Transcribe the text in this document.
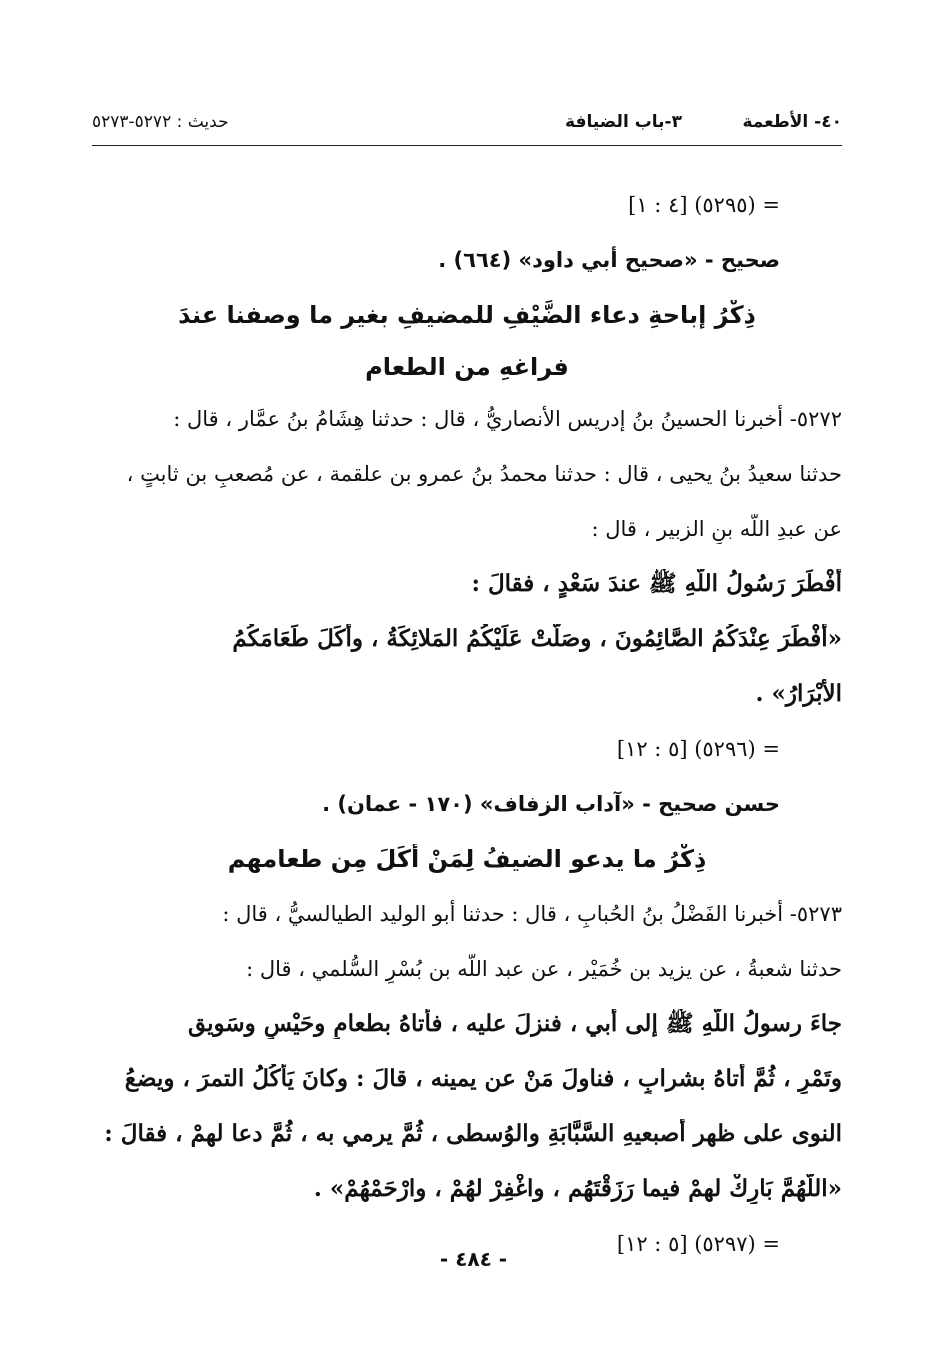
٤٠- الأطعمة
٣-باب الضيافة
حديث : ٥٢٧٢-٥٢٧٣
= (٥٢٩٥) [٤ : ١]
صحيح - «صحيح أبي داود» (٦٦٤) .
ذِكْرُ إباحةِ دعاء الضَّيْفِ للمضيفِ بغيرِ ما وصفنا عندَ
فراغهِ من الطعام
٥٢٧٢- أخبرنا الحسينُ بنُ إدريس الأنصاريُّ ، قال : حدثنا هِشَامُ بنُ عمَّار ، قال :
حدثنا سعيدُ بنُ يحيى ، قال : حدثنا محمدُ بنُ عمرو بن علقمة ، عن مُصعبِ بن ثابتٍ ،
عن عبدِ اللَّه بنِ الزبير ، قال :
أَفْطَرَ رَسُولُ اللَّهِ ﷺ عندَ سَعْدٍ ، فقالَ :
«أَفْطَرَ عِنْدَكُمُ الصَّائِمُونَ ، وصَلَّتْ عَلَيْكُمُ المَلائِكَةُ ، وأَكَلَ طَعَامَكُمُ
الأَبْرَارُ» .
= (٥٢٩٦) [٥ : ١٢]
حسن صحيح - «آداب الزفاف» (١٧٠ - عمان) .
ذِكْرُ ما يدعو الضيفُ لِمَنْ أَكَلَ مِن طعامهم
٥٢٧٣- أخبرنا الفَضْلُ بنُ الحُبابِ ، قال : حدثنا أبو الوليد الطيالسيُّ ، قال :
حدثنا شعبةُ ، عن يزيد بن خُمَيْر ، عن عبد اللَّه بن بُسْرٍ السُّلمي ، قال :
جاءَ رسولُ اللَّهِ ﷺ إلى أبي ، فنزلَ عليه ، فأتاهُ بطعامٍ وحَيْسٍ وسَويق
وتَمْرٍ ، ثُمَّ أتاهُ بشرابٍ ، فناولَ مَنْ عن يمينه ، قالَ : وكانَ يَأْكُلُ التمرَ ، ويضعُ
النوى على ظهر أصبعيهِ السَّبَّابَةِ والوُسطى ، ثُمَّ يرمي به ، ثُمَّ دعا لهمْ ، فقالَ :
«اللَّهُمَّ بَارِكْ لهمْ فيما رَزَقْتَهُم ، واغْفِرْ لهُمْ ، وارْحَمْهُمْ» .
= (٥٢٩٧) [٥ : ١٢]
- ٤٨٤ -
